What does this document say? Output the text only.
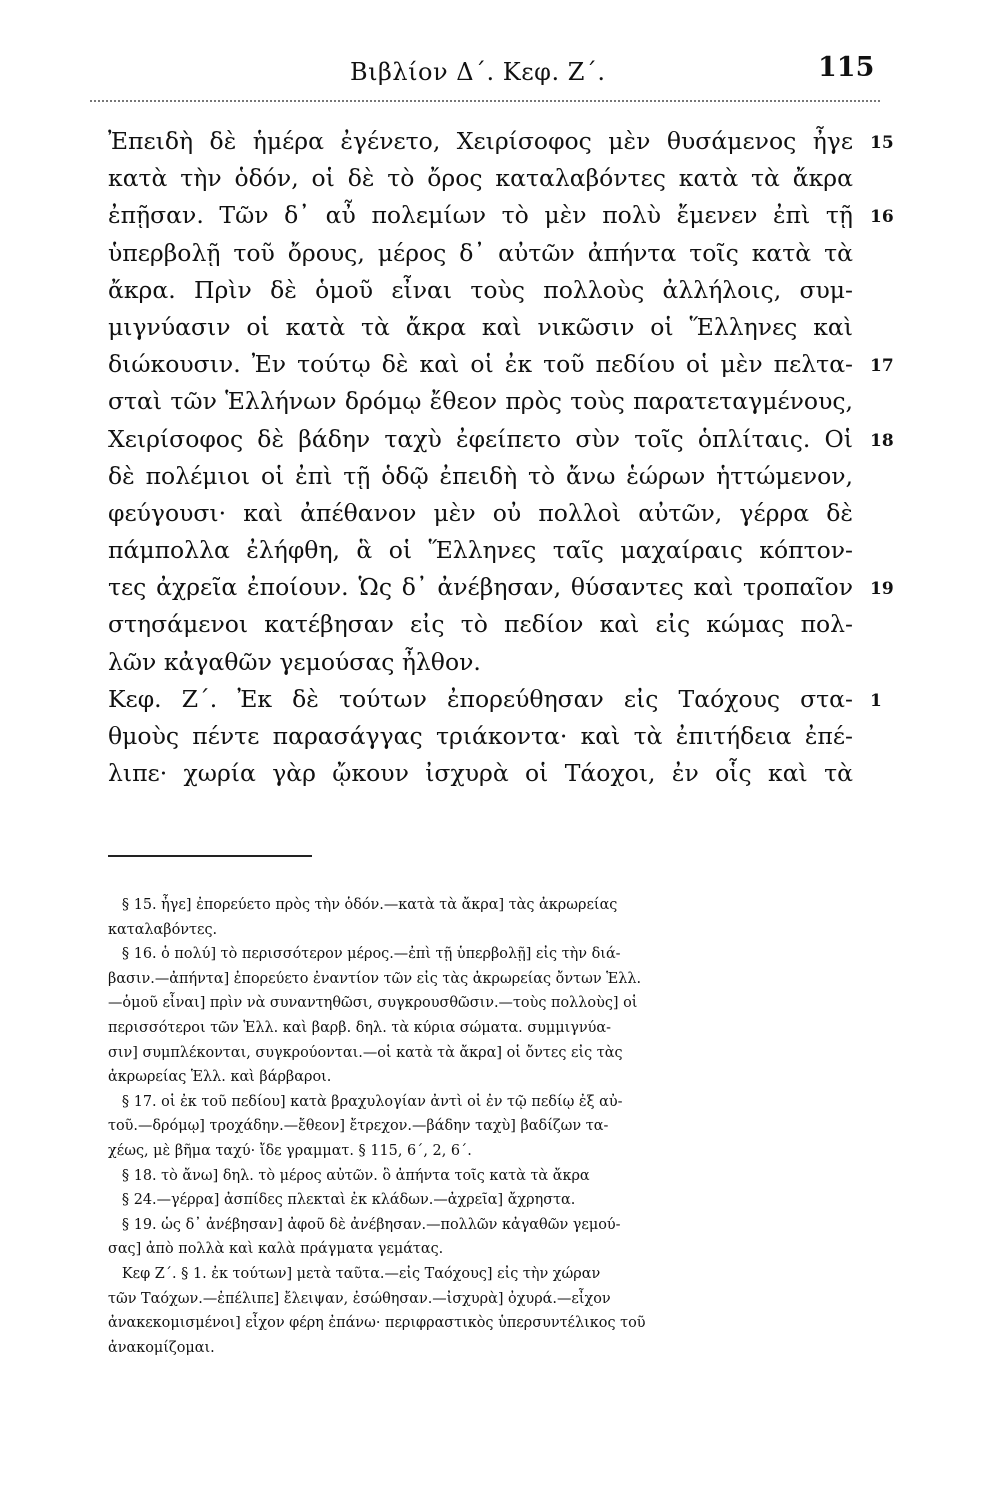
Βιβλίον Δ΄. Κεφ. Ζ΄.	115
Ἐπειδὴ δὲ ἡμέρα ἐγένετο, Χειρίσοφος μὲν θυσάμενος ἦγε 15
κατὰ τὴν ὁδόν, οἱ δὲ τὸ ὄρος καταλαβόντες κατὰ τὰ ἄκρα
ἐπῇσαν. Τῶν δ᾽ αὖ πολεμίων τὸ μὲν πολὺ ἔμενεν ἐπὶ τῇ 16
ὑπερβολῇ τοῦ ὄρους, μέρος δ᾽ αὐτῶν ἀπήντα τοῖς κατὰ τὰ
ἄκρα. Πρὶν δὲ ὁμοῦ εἶναι τοὺς πολλοὺς ἀλλήλοις, συμ-
μιγνύασιν οἱ κατὰ τὰ ἄκρα καὶ νικῶσιν οἱ Ἕλληνες καὶ
διώκουσιν. Ἐν τούτῳ δὲ καὶ οἱ ἐκ τοῦ πεδίου οἱ μὲν πελτα- 17
σταὶ τῶν Ἑλλήνων δρόμῳ ἔθεον πρὸς τοὺς παρατεταγμένους,
Χειρίσοφος δὲ βάδην ταχὺ ἐφείπετο σὺν τοῖς ὁπλίταις. Οἱ 18
δὲ πολέμιοι οἱ ἐπὶ τῇ ὁδῷ ἐπειδὴ τὸ ἄνω ἑώρων ἡττώμενον,
φεύγουσι· καὶ ἀπέθανον μὲν οὐ πολλοὶ αὐτῶν, γέρρα δὲ
πάμπολλα ἐλήφθη, ἃ οἱ Ἕλληνες ταῖς μαχαίραις κόπτον-
τες ἀχρεῖα ἐποίουν. Ὡς δ᾽ ἀνέβησαν, θύσαντες καὶ τροπαῖον 19
στησάμενοι κατέβησαν εἰς τὸ πεδίον καὶ εἰς κώμας πολ-
λῶν κἀγαθῶν γεμούσας ἦλθον.
Κεφ. Ζ΄. Ἐκ δὲ τούτων ἐπορεύθησαν εἰς Ταόχους στα- 1
θμοὺς πέντε παρασάγγας τριάκοντα· καὶ τὰ ἐπιτήδεια ἐπέ-
λιπε· χωρία γὰρ ᾤκουν ἰσχυρὰ οἱ Τάοχοι, ἐν οἷς καὶ τὰ
§ 15. ἦγε] ἐπορεύετο πρὸς τὴν ὁδόν.—κατὰ τὰ ἄκρα] τὰς ἀκρωρείας
καταλαβόντες.
§ 16. ὁ πολύ] τὸ περισσότερον μέρος.—ἐπὶ τῇ ὑπερβολῇ] εἰς τὴν διά-
βασιν.—ἀπήντα] ἐπορεύετο ἐναντίον τῶν εἰς τὰς ἀκρωρείας ὄντων Ἑλλ.
—ὁμοῦ εἶναι] πρὶν νὰ συναντηθῶσι, συγκρουσθῶσιν.—τοὺς πολλοὺς] οἱ
περισσότεροι τῶν Ἑλλ. καὶ βαρβ. δηλ. τὰ κύρια σώματα. συμμιγνύα-
σιν] συμπλέκονται, συγκρούονται.—οἱ κατὰ τὰ ἄκρα] οἱ ὄντες εἰς τὰς
ἀκρωρείας Ἑλλ. καὶ βάρβαροι.
§ 17. οἱ ἐκ τοῦ πεδίου] κατὰ βραχυλογίαν ἀντὶ οἱ ἐν τῷ πεδίῳ ἐξ αὐ-
τοῦ.—δρόμῳ] τροχάδην.—ἔθεον] ἔτρεχον.—βάδην ταχὺ] βαδίζων τα-
χέως, μὲ βῆμα ταχύ· ἴδε γραμματ. § 115, 6΄, 2, 6΄.
§ 18. τὸ ἄνω] δηλ. τὸ μέρος αὐτῶν. ὃ ἀπήντα τοῖς κατὰ τὰ ἄκρα
§ 24.—γέρρα] ἀσπίδες πλεκταὶ ἐκ κλάδων.—ἀχρεῖα] ἄχρηστα.
§ 19. ὡς δ᾽ ἀνέβησαν] ἀφοῦ δὲ ἀνέβησαν.—πολλῶν κἀγαθῶν γεμού-
σας] ἀπὸ πολλὰ καὶ καλὰ πράγματα γεμάτας.
Κεφ Ζ΄. § 1. ἐκ τούτων] μετὰ ταῦτα.—εἰς Ταόχους] εἰς τὴν χώραν
τῶν Ταόχων.—ἐπέλιπε] ἔλειψαν, ἐσώθησαν.—ἰσχυρὰ] ὀχυρά.—εἶχον
ἀνακεκομισμένοι] εἶχον φέρη ἐπάνω· περιφραστικὸς ὑπερσυντέλικος τοῦ
ἀνακομίζομαι.
